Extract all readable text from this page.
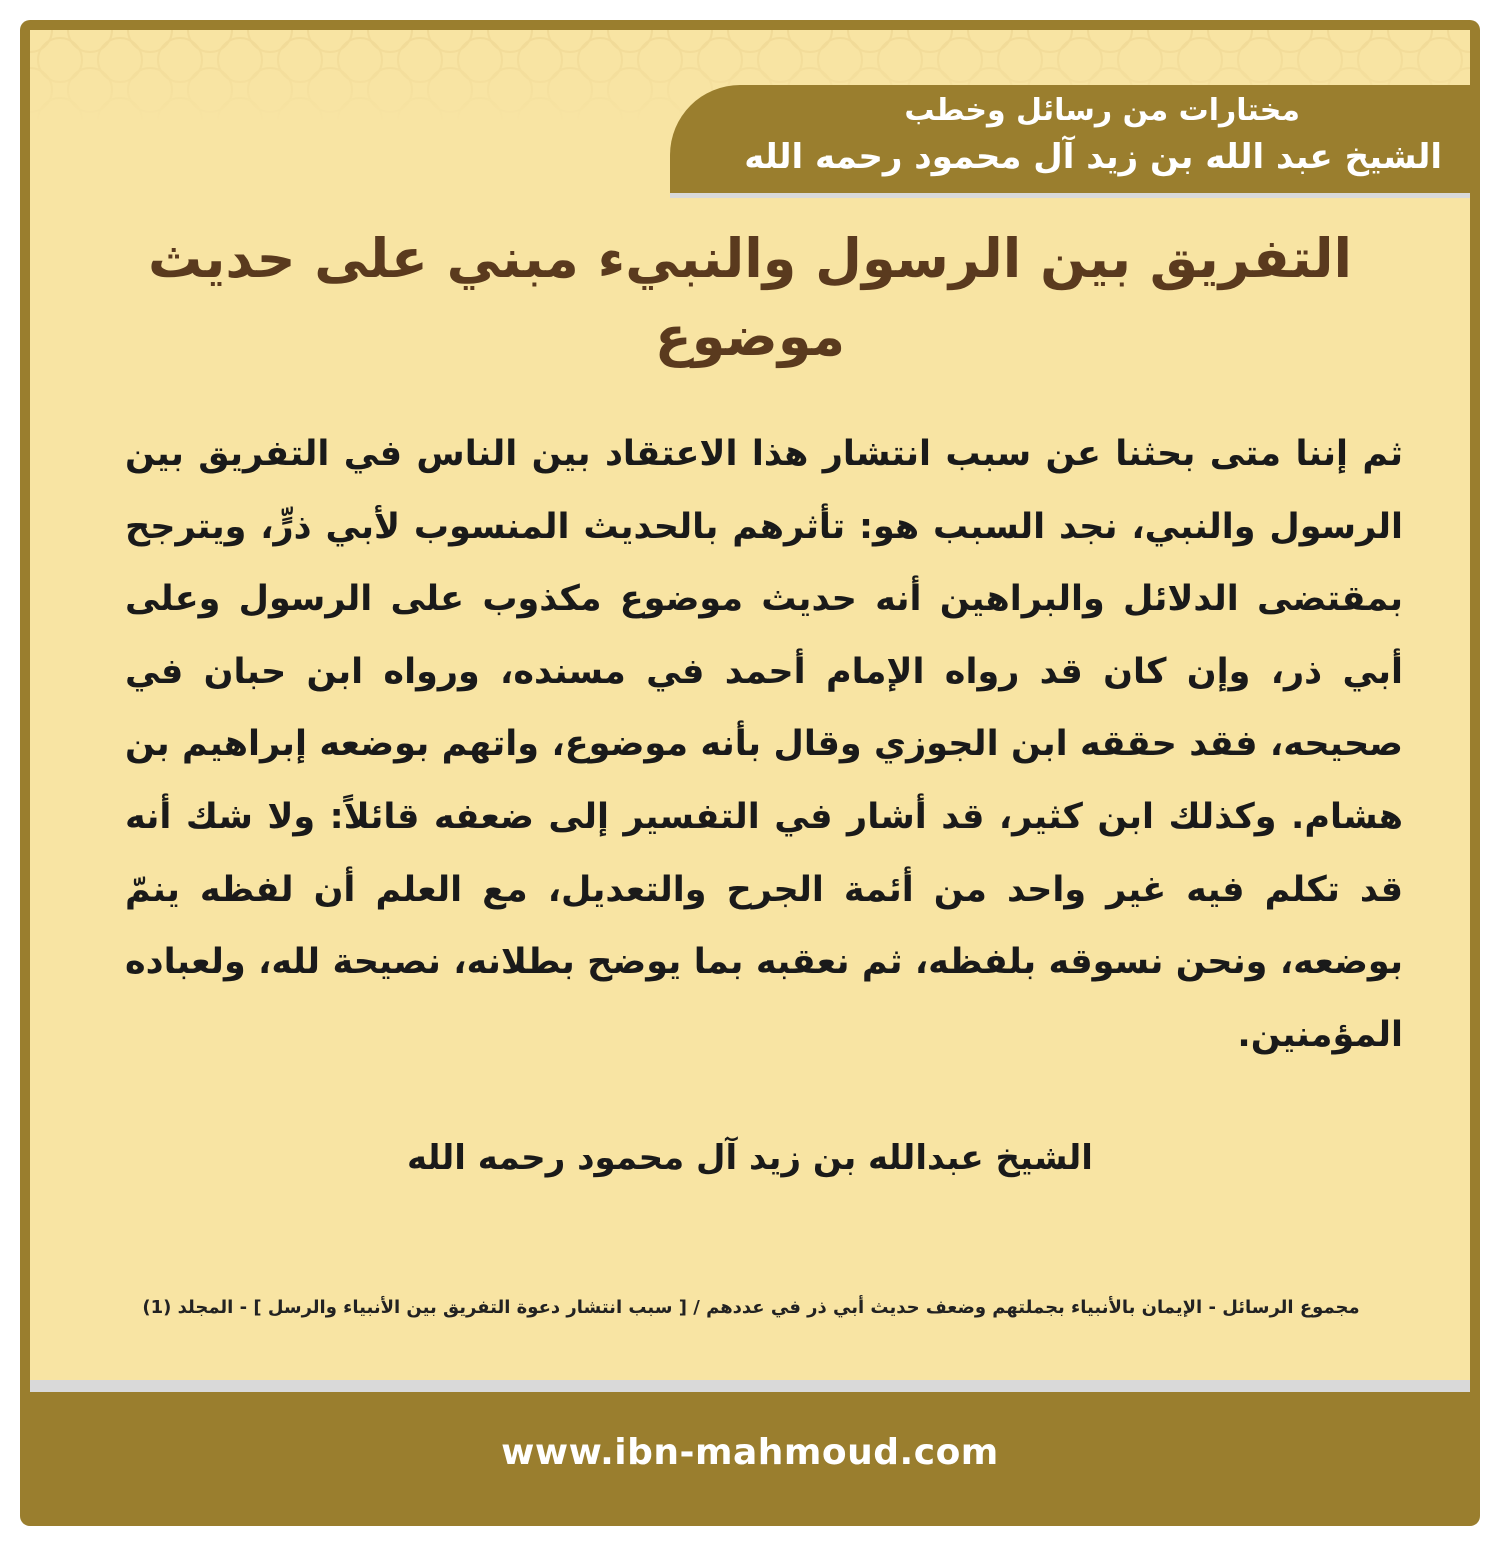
مختارات من رسائل وخطب
الشيخ عبد الله بن زيد آل محمود رحمه الله
التفريق بين الرسول والنبيء مبني على حديث موضوع
ثم إننا متى بحثنا عن سبب انتشار هذا الاعتقاد بين الناس في التفريق بين الرسول والنبي، نجد السبب هو: تأثرهم بالحديث المنسوب لأبي ذرٍّ، ويترجح بمقتضى الدلائل والبراهين أنه حديث موضوع مكذوب على الرسول وعلى أبي ذر، وإن كان قد رواه الإمام أحمد في مسنده، ورواه ابن حبان في صحيحه، فقد حققه ابن الجوزي وقال بأنه موضوع، واتهم بوضعه إبراهيم بن هشام. وكذلك ابن كثير، قد أشار في التفسير إلى ضعفه قائلاً: ولا شك أنه قد تكلم فيه غير واحد من أئمة الجرح والتعديل، مع العلم أن لفظه ينمّ بوضعه، ونحن نسوقه بلفظه، ثم نعقبه بما يوضح بطلانه، نصيحة لله، ولعباده المؤمنين.
الشيخ عبدالله بن زيد آل محمود رحمه الله
مجموع الرسائل - الإيمان بالأنبياء بجملتهم وضعف حديث أبي ذر في عددهم / [ سبب انتشار دعوة التفريق بين الأنبياء والرسل ] - المجلد (1)
www.ibn-mahmoud.com
